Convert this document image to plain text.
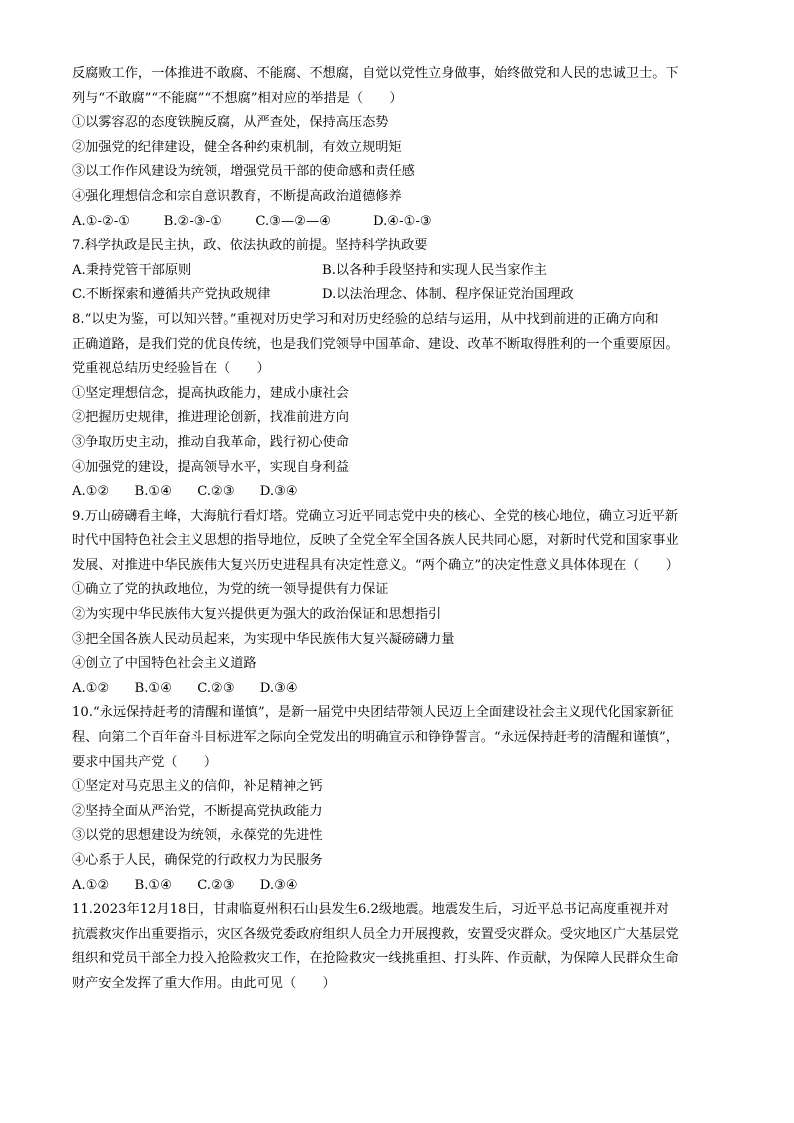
反腐败工作，一体推进不敢腐、不能腐、不想腐，自觉以党性立身做事，始终做党和人民的忠诚卫士。下
列与“不敢腐”“不能腐”“不想腐”相对应的举措是（　　）
①以雾容忍的态度铁腕反腐，从严查处，保持高压态势
②加强党的纪律建设，健全各种约束机制，有效立规明矩
③以工作作风建设为统领，增强党员干部的使命感和责任感
④强化理想信念和宗自意识教育，不断提高政治道德修养
A.①-②-①        B.②-③-①        C.③—②—④          D.④-①-③
7.科学执政是民主执，政、依法执政的前提。坚持科学执政要
A.秉持党管干部原则	B.以各种手段坚持和实现人民当家作主
C.不断探索和遵循共产党执政规律	D.以法治理念、体制、程序保证党治国理政
8.“以史为鉴，可以知兴替。”重视对历史学习和对历史经验的总结与运用，从中找到前进的正确方向和
正确道路，是我们党的优良传统，也是我们党领导中国革命、建设、改革不断取得胜利的一个重要原因。
党重视总结历史经验旨在（　　）
①坚定理想信念，提高执政能力，建成小康社会
②把握历史规律，推进理论创新，找准前进方向
③争取历史主动，推动自我革命，践行初心使命
④加强党的建设，提高领导水平，实现自身利益
A.①②      B.①④      C.②③      D.③④
9.万山磅礴看主峰，大海航行看灯塔。党确立习近平同志党中央的核心、全党的核心地位，确立习近平新
时代中国特色社会主义思想的指导地位，反映了全党全军全国各族人民共同心愿，对新时代党和国家事业
发展、对推进中华民族伟大复兴历史进程具有决定性意义。“两个确立”的决定性意义具体体现在（　　）
①确立了党的执政地位，为党的统一领导提供有力保证
②为实现中华民族伟大复兴提供更为强大的政治保证和思想指引
③把全国各族人民动员起来，为实现中华民族伟大复兴凝磅礴力量
④创立了中国特色社会主义道路
A.①②      B.①④      C.②③      D.③④
10.“永远保持赶考的清醒和谨慎”，是新一届党中央团结带领人民迈上全面建设社会主义现代化国家新征
程、向第二个百年奋斗目标进军之际向全党发出的明确宣示和铮铮誓言。“永远保持赶考的清醒和谨慎”，
要求中国共产党（　　）
①坚定对马克思主义的信仰，补足精神之钙
②坚持全面从严治党，不断提高党执政能力
③以党的思想建设为统领，永葆党的先进性
④心系于人民，确保党的行政权力为民服务
A.①②      B.①④      C.②③      D.③④
11.2023年12月18日，甘肃临夏州积石山县发生6.2级地震。地震发生后，习近平总书记高度重视并对
抗震救灾作出重要指示，灾区各级党委政府组织人员全力开展搜救，安置受灾群众。受灾地区广大基层党
组织和党员干部全力投入抢险救灾工作，在抢险救灾一线挑重担、打头阵、作贡献，为保障人民群众生命
财产安全发挥了重大作用。由此可见（　　）
